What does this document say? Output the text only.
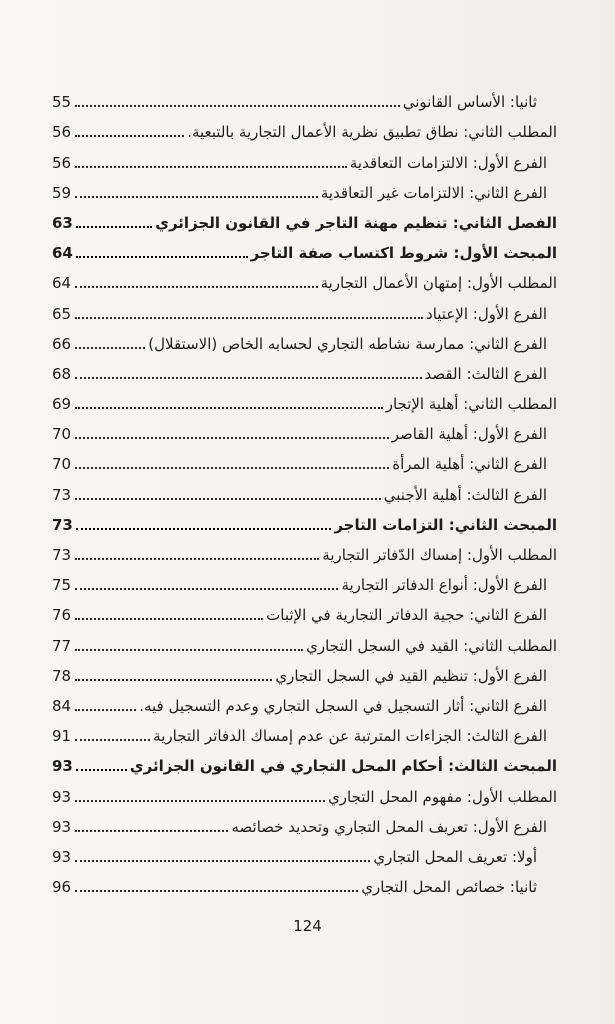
ثانيا: الأساس القانوني
55
المطلب الثاني: نطاق تطبيق نظرية الأعمال التجارية بالتبعية.
56
الفرع الأول: الالتزامات التعاقدية
56
الفرع الثاني: الالتزامات غير التعاقدية
59
الفصل الثاني: تنظيم مهنة التاجر في القانون الجزائري
63
المبحث الأول: شروط اكتساب صفة التاجر
64
المطلب الأول: إمتهان الأعمال التجارية
64
الفرع الأول: الإعتياد
65
الفرع الثاني: ممارسة نشاطه التجاري لحسابه الخاص (الاستقلال)
66
الفرع الثالث: القصد
68
المطلب الثاني: أهلية الإتجار
69
الفرع الأول: أهلية القاصر
70
الفرع الثاني: أهلية المرأة
70
الفرع الثالث: أهلية الأجنبي
73
المبحث الثاني: التزامات التاجر
73
المطلب الأول: إمساك الدّفاتر التجارية
73
الفرع الأول: أنواع الدفاتر التجارية
75
الفرع الثاني: حجية الدفاتر التجارية في الإثبات
76
المطلب الثاني: القيد في السجل التجاري
77
الفرع الأول: تنظيم القيد في السجل التجاري
78
الفرع الثاني: أثار التسجيل في السجل التجاري وعدم التسجيل فيه.
84
الفرع الثالث: الجزاءات المترتبة عن عدم إمساك الدفاتر التجارية
91
المبحث الثالث: أحكام المحل التجاري في القانون الجزائري
93
المطلب الأول: مفهوم المحل التجاري
93
الفرع الأول: تعريف المحل التجاري وتحديد خصائصه
93
أولا: تعريف المحل التجاري
93
ثانيا: خصائص المحل التجاري
96
124
